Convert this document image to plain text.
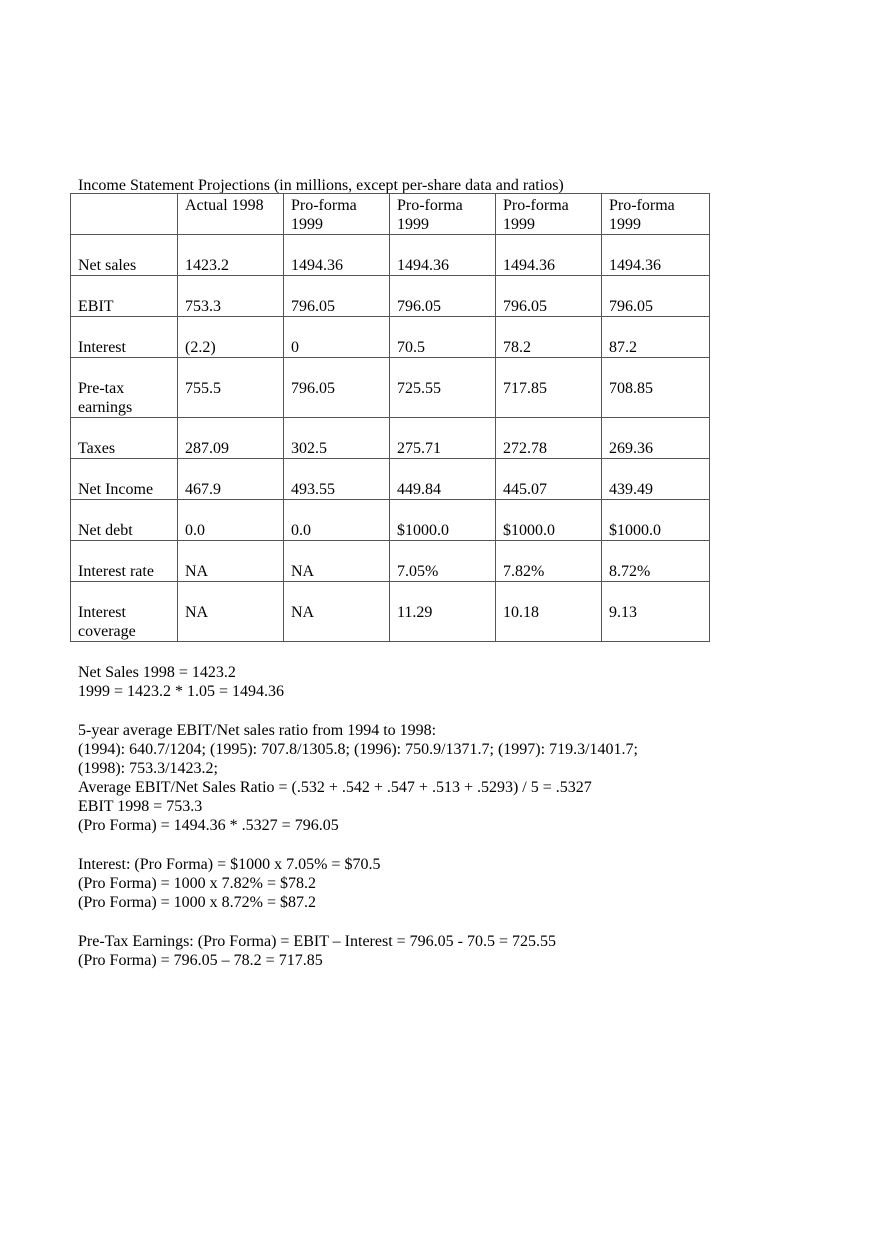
Income Statement Projections (in millions, except per-share data and ratios)
	Actual 1998	Pro-forma 1999	Pro-forma 1999	Pro-forma 1999	Pro-forma 1999
Net sales	1423.2	1494.36	1494.36	1494.36	1494.36
EBIT	753.3	796.05	796.05	796.05	796.05
Interest	(2.2)	0	70.5	78.2	87.2
Pre-tax earnings	755.5	796.05	725.55	717.85	708.85
Taxes	287.09	302.5	275.71	272.78	269.36
Net Income	467.9	493.55	449.84	445.07	439.49
Net debt	0.0	0.0	$1000.0	$1000.0	$1000.0
Interest rate	NA	NA	7.05%	7.82%	8.72%
Interest coverage	NA	NA	11.29	10.18	9.13

Net Sales 1998 = 1423.2

1999 = 1423.2 * 1.05 = 1494.36

5-year average EBIT/Net sales ratio from 1994 to 1998:

(1994): 640.7/1204; (1995): 707.8/1305.8; (1996): 750.9/1371.7; (1997): 719.3/1401.7;

(1998): 753.3/1423.2;

Average EBIT/Net Sales Ratio = (.532 + .542 + .547 + .513 + .5293) / 5 = .5327

EBIT 1998 = 753.3

(Pro Forma) = 1494.36 * .5327 = 796.05

Interest: (Pro Forma) = $1000 x 7.05% = $70.5

(Pro Forma) = 1000 x 7.82% = $78.2

(Pro Forma) = 1000 x 8.72% = $87.2

Pre-Tax Earnings: (Pro Forma) = EBIT – Interest = 796.05 - 70.5 = 725.55

(Pro Forma) = 796.05 – 78.2 = 717.85
